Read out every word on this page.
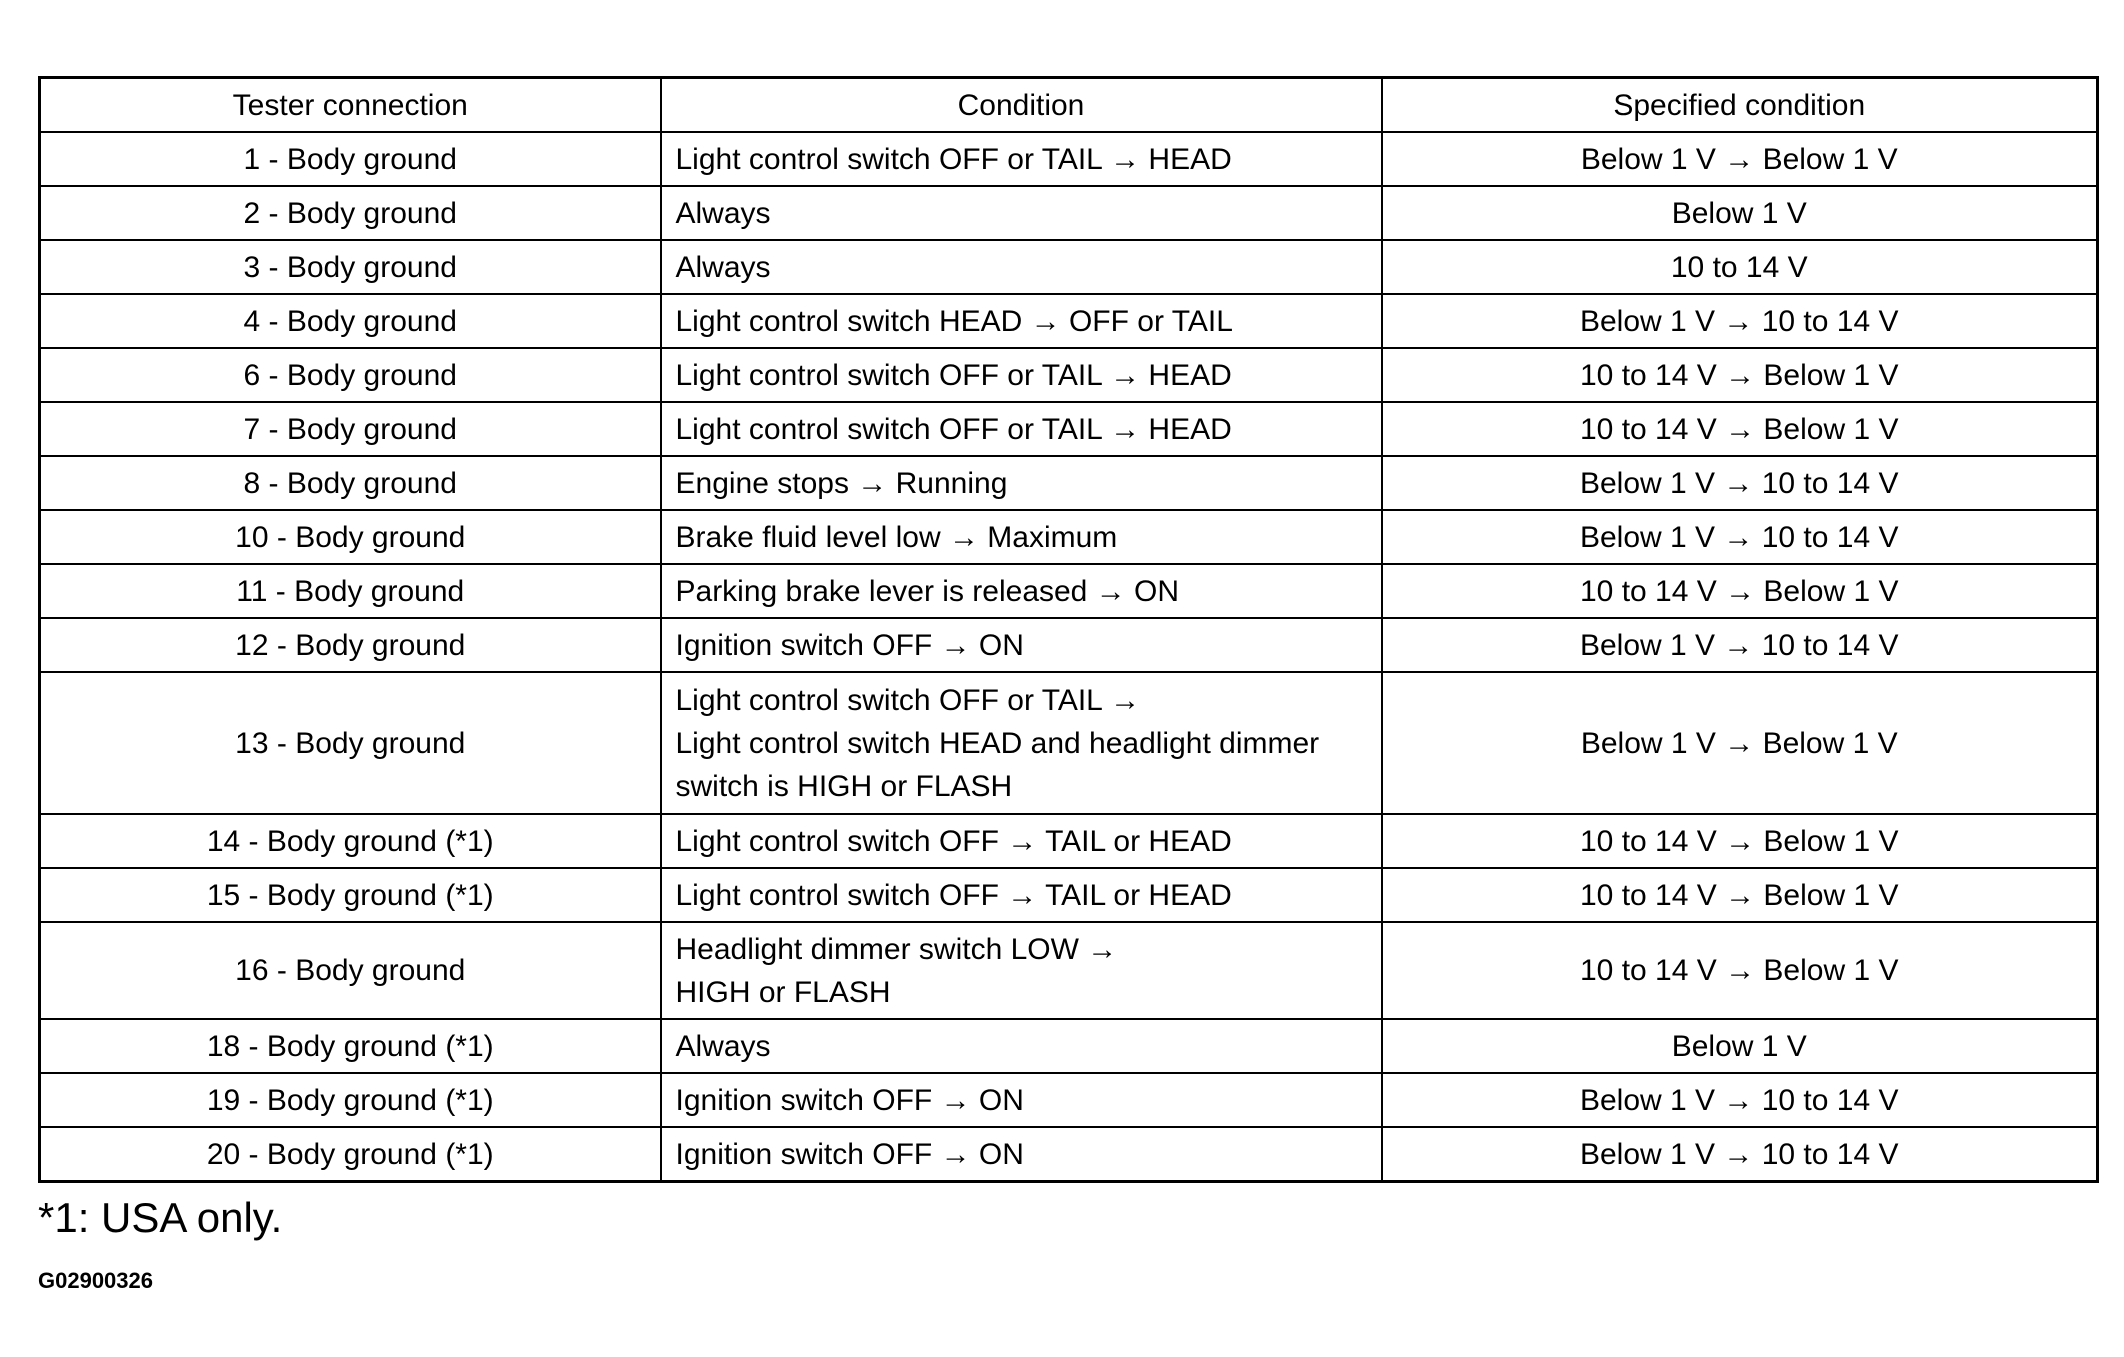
Tester connection	Condition	Specified condition
1 - Body ground	Light control switch OFF or TAIL → HEAD	Below 1 V → Below 1 V
2 - Body ground	Always	Below 1 V
3 - Body ground	Always	10 to 14 V
4 - Body ground	Light control switch HEAD → OFF or TAIL	Below 1 V → 10 to 14 V
6 - Body ground	Light control switch OFF or TAIL → HEAD	10 to 14 V → Below 1 V
7 - Body ground	Light control switch OFF or TAIL → HEAD	10 to 14 V → Below 1 V
8 - Body ground	Engine stops → Running	Below 1 V → 10 to 14 V
10 - Body ground	Brake fluid level low → Maximum	Below 1 V → 10 to 14 V
11 - Body ground	Parking brake lever is released → ON	10 to 14 V → Below 1 V
12 - Body ground	Ignition switch OFF → ON	Below 1 V → 10 to 14 V
13 - Body ground	Light control switch OFF or TAIL →
Light control switch HEAD and headlight dimmer
switch is HIGH or FLASH	Below 1 V → Below 1 V
14 - Body ground (*1)	Light control switch OFF → TAIL or HEAD	10 to 14 V → Below 1 V
15 - Body ground (*1)	Light control switch OFF → TAIL or HEAD	10 to 14 V → Below 1 V
16 - Body ground	Headlight dimmer switch LOW →
HIGH or FLASH	10 to 14 V → Below 1 V
18 - Body ground (*1)	Always	Below 1 V
19 - Body ground (*1)	Ignition switch OFF → ON	Below 1 V → 10 to 14 V
20 - Body ground (*1)	Ignition switch OFF → ON	Below 1 V → 10 to 14 V
*1: USA only.
G02900326
